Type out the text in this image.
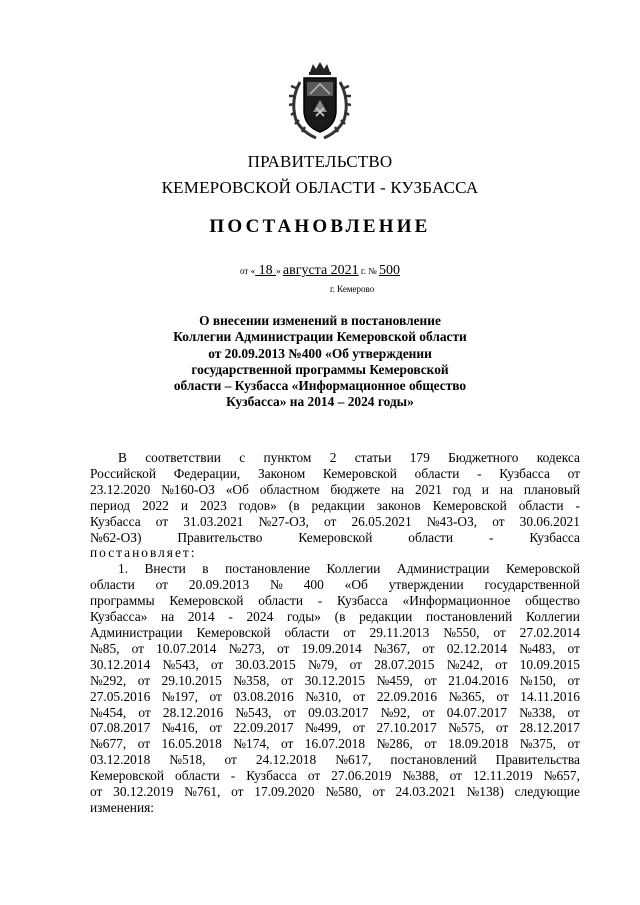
ПРАВИТЕЛЬСТВО
КЕМЕРОВСКОЙ ОБЛАСТИ - КУЗБАССА
ПОСТАНОВЛЕНИЕ
от « 18 » августа 2021 г. № 500
г. Кемерово
О внесении изменений в постановление
Коллегии Администрации Кемеровской области
от 20.09.2013 №400 «Об утверждении
государственной программы Кемеровской
области – Кузбасса «Информационное общество
Кузбасса» на 2014 – 2024 годы»
В соответствии с пунктом 2 статьи 179 Бюджетного кодекса
Российской Федерации, Законом Кемеровской области - Кузбасса от
23.12.2020 №160-ОЗ «Об областном бюджете на 2021 год и на плановый
период 2022 и 2023 годов» (в редакции законов Кемеровской области -
Кузбасса от 31.03.2021 №27-ОЗ, от 26.05.2021 №43-ОЗ, от 30.06.2021
№62-ОЗ)	Правительство	Кемеровской	области	-	Кузбасса
постановляет:
1. Внести в постановление Коллегии Администрации Кемеровской
области от 20.09.2013 № 400 «Об утверждении государственной
программы Кемеровской области - Кузбасса «Информационное общество
Кузбасса» на 2014 - 2024 годы» (в редакции постановлений Коллегии
Администрации Кемеровской области от 29.11.2013 №550, от 27.02.2014
№85, от 10.07.2014 №273, от 19.09.2014 №367, от 02.12.2014 №483, от
30.12.2014 №543, от 30.03.2015 №79, от 28.07.2015 №242, от 10.09.2015
№292, от 29.10.2015 №358, от 30.12.2015 №459, от 21.04.2016 №150, от
27.05.2016 №197, от 03.08.2016 №310, от 22.09.2016 №365, от 14.11.2016
№454, от 28.12.2016 №543, от 09.03.2017 №92, от 04.07.2017 №338, от
07.08.2017 №416, от 22.09.2017 №499, от 27.10.2017 №575, от 28.12.2017
№677, от 16.05.2018 №174, от 16.07.2018 №286, от 18.09.2018 №375, от
03.12.2018 №518, от 24.12.2018 №617, постановлений Правительства
Кемеровской области - Кузбасса от 27.06.2019 №388, от 12.11.2019 №657,
от 30.12.2019 №761, от 17.09.2020 №580, от 24.03.2021 №138) следующие
изменения:
